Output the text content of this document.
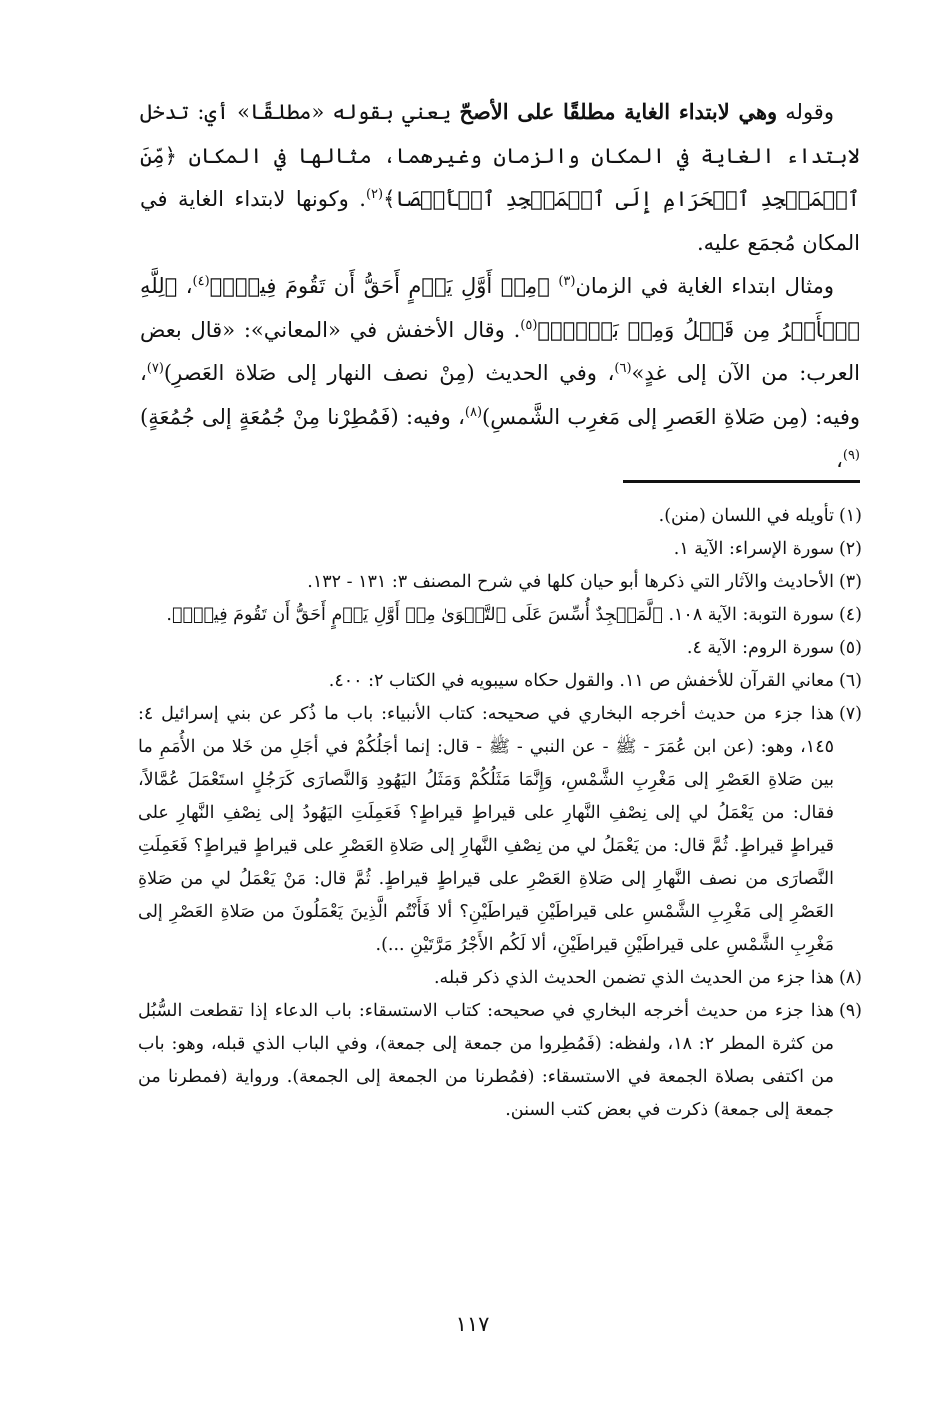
وقوله وهي لابتداء الغاية مطلقًا على الأصحّ يعني بقوله «مطلقًا» أي: تدخل لابتداء الغاية في المكان والزمان وغيرهما، مثالها في المكان ﴿مِّنَ ٱلۡمَسۡجِدِ ٱلۡحَرَامِ إِلَى ٱلۡمَسۡجِدِ ٱلۡأَقۡصَا﴾$^{(٢)}$. وكونها لابتداء الغاية في المكان مُجمَع عليه.

ومثال ابتداء الغاية في الزمان$^{(٣)}$ ﴿مِنۡ أَوَّلِ يَوۡمٍ أَحَقُّ أَن تَقُومَ فِيهِۚ﴾$^{(٤)}$، ﴿لِلَّهِ ٱلۡأَمۡرُ مِن قَبۡلُ وَمِنۢ بَعۡدُۚ﴾$^{(٥)}$. وقال الأخفش في «المعاني»: «قال بعض العرب: من الآن إلى غدٍ»$^{(٦)}$، وفي الحديث (مِنْ نصف النهار إلى صَلاة العَصرِ)$^{(٧)}$، وفيه: (مِن صَلاةِ العَصرِ إلى مَغرِب الشَّمسِ)$^{(٨)}$، وفيه: (فَمُطِرْنا مِنْ جُمُعَةٍ إلى جُمُعَةٍ)$^{(٩)}$،

(١)
تأويله في اللسان (منن).
(٢)
سورة الإسراء: الآية ١.
(٣)
الأحاديث والآثار التي ذكرها أبو حيان كلها في شرح المصنف ٣: ١٣١ - ١٣٢.
(٤)
سورة التوبة: الآية ١٠٨. ﴿لَّمَسۡجِدٌ أُسِّسَ عَلَى ٱلتَّقۡوَىٰ مِنۡ أَوَّلِ يَوۡمٍ أَحَقُّ أَن تَقُومَ فِيهِۚ﴾.
(٥)
سورة الروم: الآية ٤.
(٦)
معاني القرآن للأخفش ص ١١. والقول حكاه سيبويه في الكتاب ٢: ٤٠٠.
(٧)
هذا جزء من حديث أخرجه البخاري في صحيحه: كتاب الأنبياء: باب ما ذُكر عن بني إسرائيل ٤: ١٤٥، وهو: (عن ابن عُمَرَ - ﷺ - عن النبي - ﷺ - قال: إنما أجَلُكُمْ في أجَلِ من خَلا من الأُمَمِ ما بين صَلاةِ العَصْرِ إلى مَغْرِبِ الشَّمْسِ، وَإِنَّمَا مَثَلُكُمْ وَمَثَلُ اليَهُودِ وَالنَّصارَى كَرَجُلٍ استَعْمَلَ عُمَّالاً، فقال: من يَعْمَلُ لي إلى نِصْفِ النَّهارِ على قيراطٍ قيراطٍ؟ فَعَمِلَتِ اليَهُودُ إلى نِصْفِ النَّهارِ على قيراطٍ قيراطٍ. ثُمَّ قال: من يَعْمَلُ لي من نِصْفِ النَّهارِ إلى صَلاةِ العَصْرِ على قيراطٍ قيراطٍ؟ فَعَمِلَتِ النَّصارَى من نصف النَّهارِ إلى صَلاةِ العَصْرِ على قيراطٍ قيراطٍ. ثُمَّ قال: مَنْ يَعْمَلُ لي من صَلاةِ العَصْرِ إلى مَغْرِبِ الشَّمْسِ على قيراطَيْنِ قيراطَيْنِ؟ ألا فَأَنْتُم الَّذِينَ يَعْمَلُونَ من صَلاةِ العَصْرِ إلى مَغْرِبِ الشَّمْسِ على قيراطَيْنِ قيراطَيْنِ، ألا لَكُم الأَجْرُ مَرَّتَيْنِ ...).
(٨)
هذا جزء من الحديث الذي تضمن الحديث الذي ذكر قبله.
(٩)
هذا جزء من حديث أخرجه البخاري في صحيحه: كتاب الاستسقاء: باب الدعاء إذا تقطعت السُّبُل من كثرة المطر ٢: ١٨، ولفظه: (فَمُطِروا من جمعة إلى جمعة)، وفي الباب الذي قبله، وهو: باب من اكتفى بصلاة الجمعة في الاستسقاء: (فمُطرنا من الجمعة إلى الجمعة). ورواية (فمطرنا من جمعة إلى جمعة) ذكرت في بعض كتب السنن.
١١٧
